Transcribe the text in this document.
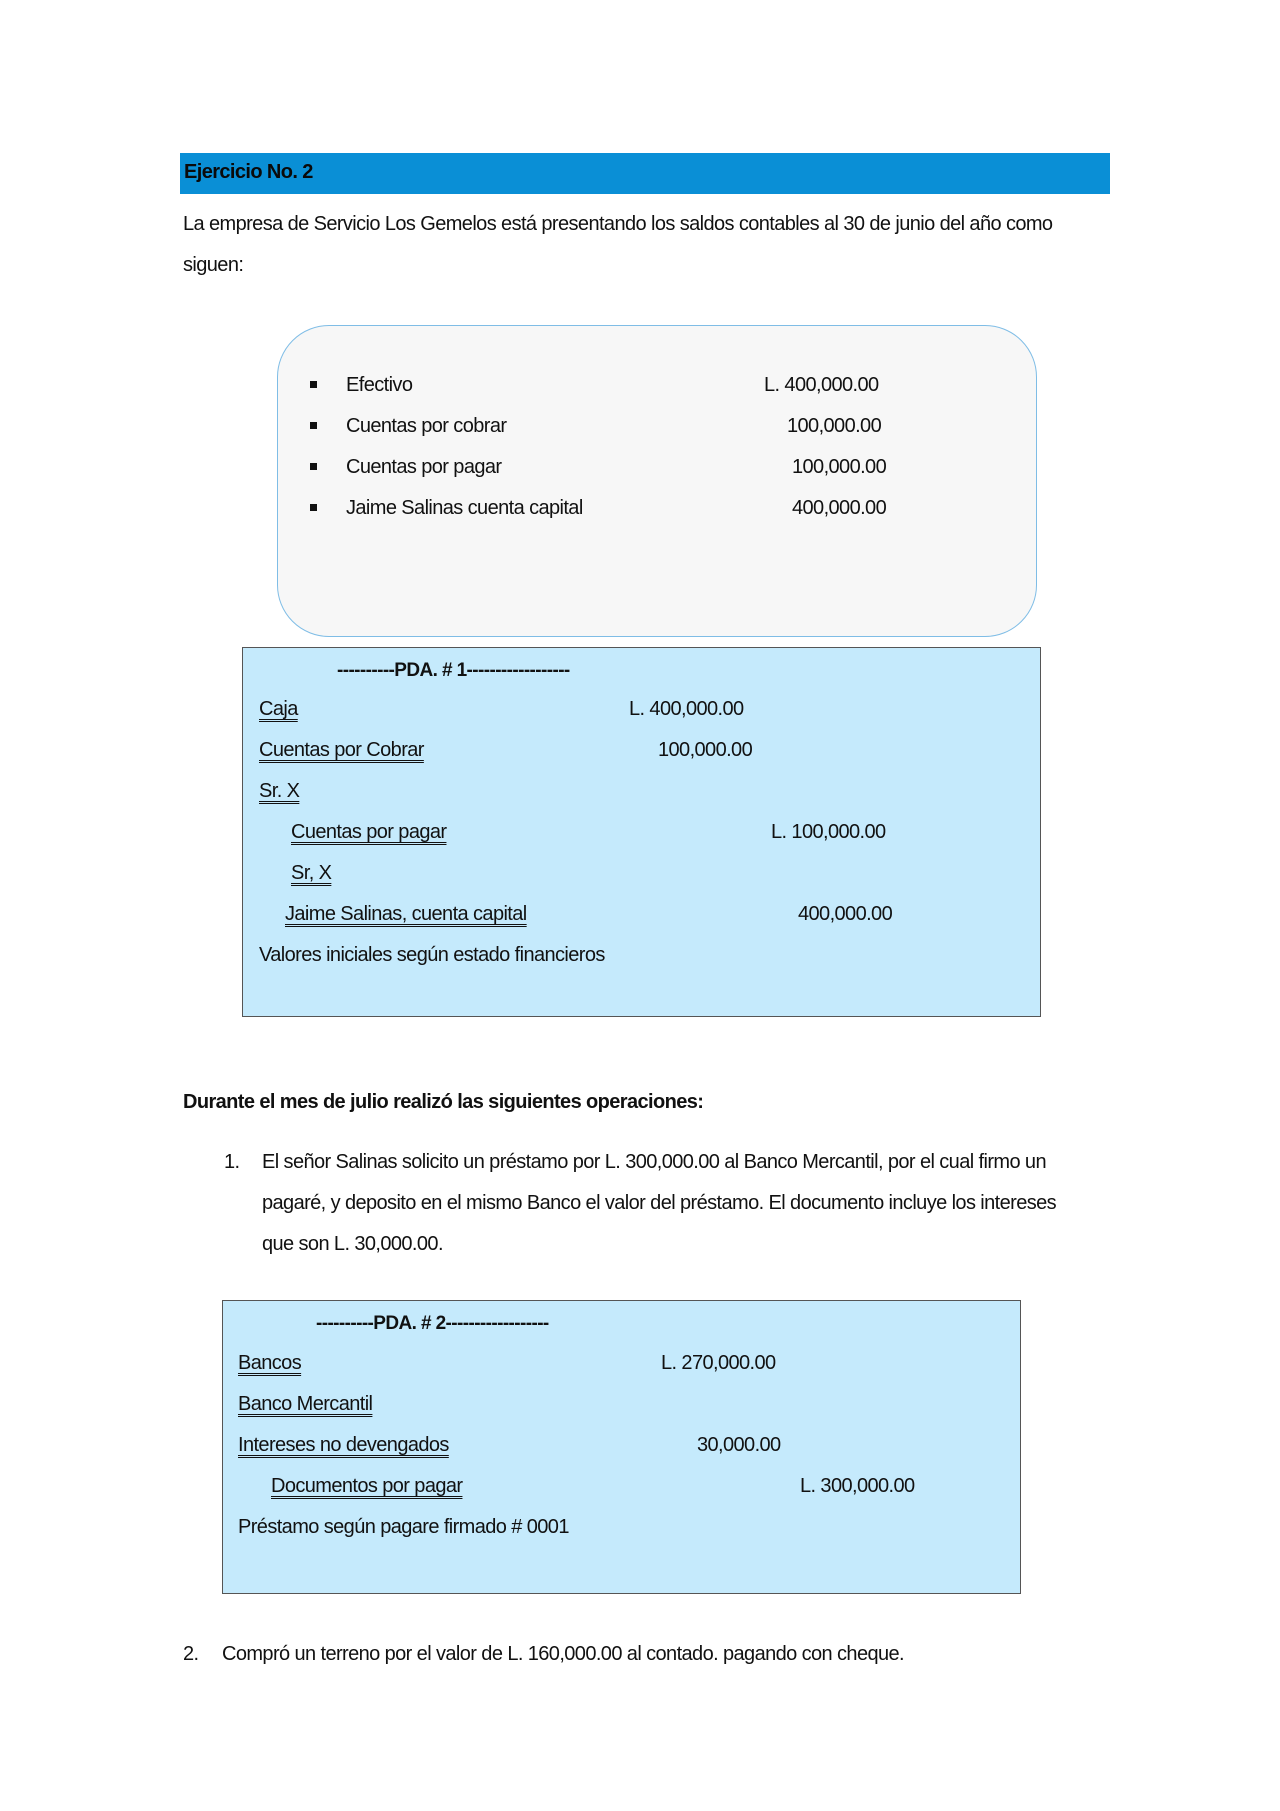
Ejercicio No. 2
La empresa de Servicio Los Gemelos está presentando los saldos contables al 30 de junio del año como
siguen:
Efectivo	L. 400,000.00
Cuentas por cobrar	100,000.00
Cuentas por pagar	100,000.00
Jaime Salinas cuenta capital	400,000.00
----------PDA. # 1------------------
Caja	L. 400,000.00
Cuentas por Cobrar	100,000.00
Sr. X
Cuentas por pagar	L. 100,000.00
Sr, X
Jaime Salinas, cuenta capital	400,000.00
Valores iniciales según estado financieros
Durante el mes de julio realizó las siguientes operaciones:
1. El señor Salinas solicito un préstamo por L. 300,000.00 al Banco Mercantil, por el cual firmo un
pagaré, y deposito en el mismo Banco el valor del préstamo. El documento incluye los intereses
que son L. 30,000.00.
----------PDA. # 2------------------
Bancos	L. 270,000.00
Banco Mercantil
Intereses no devengados	30,000.00
Documentos por pagar	L. 300,000.00
Préstamo según pagare firmado # 0001
2. Compró un terreno por el valor de L. 160,000.00 al contado. pagando con cheque.
